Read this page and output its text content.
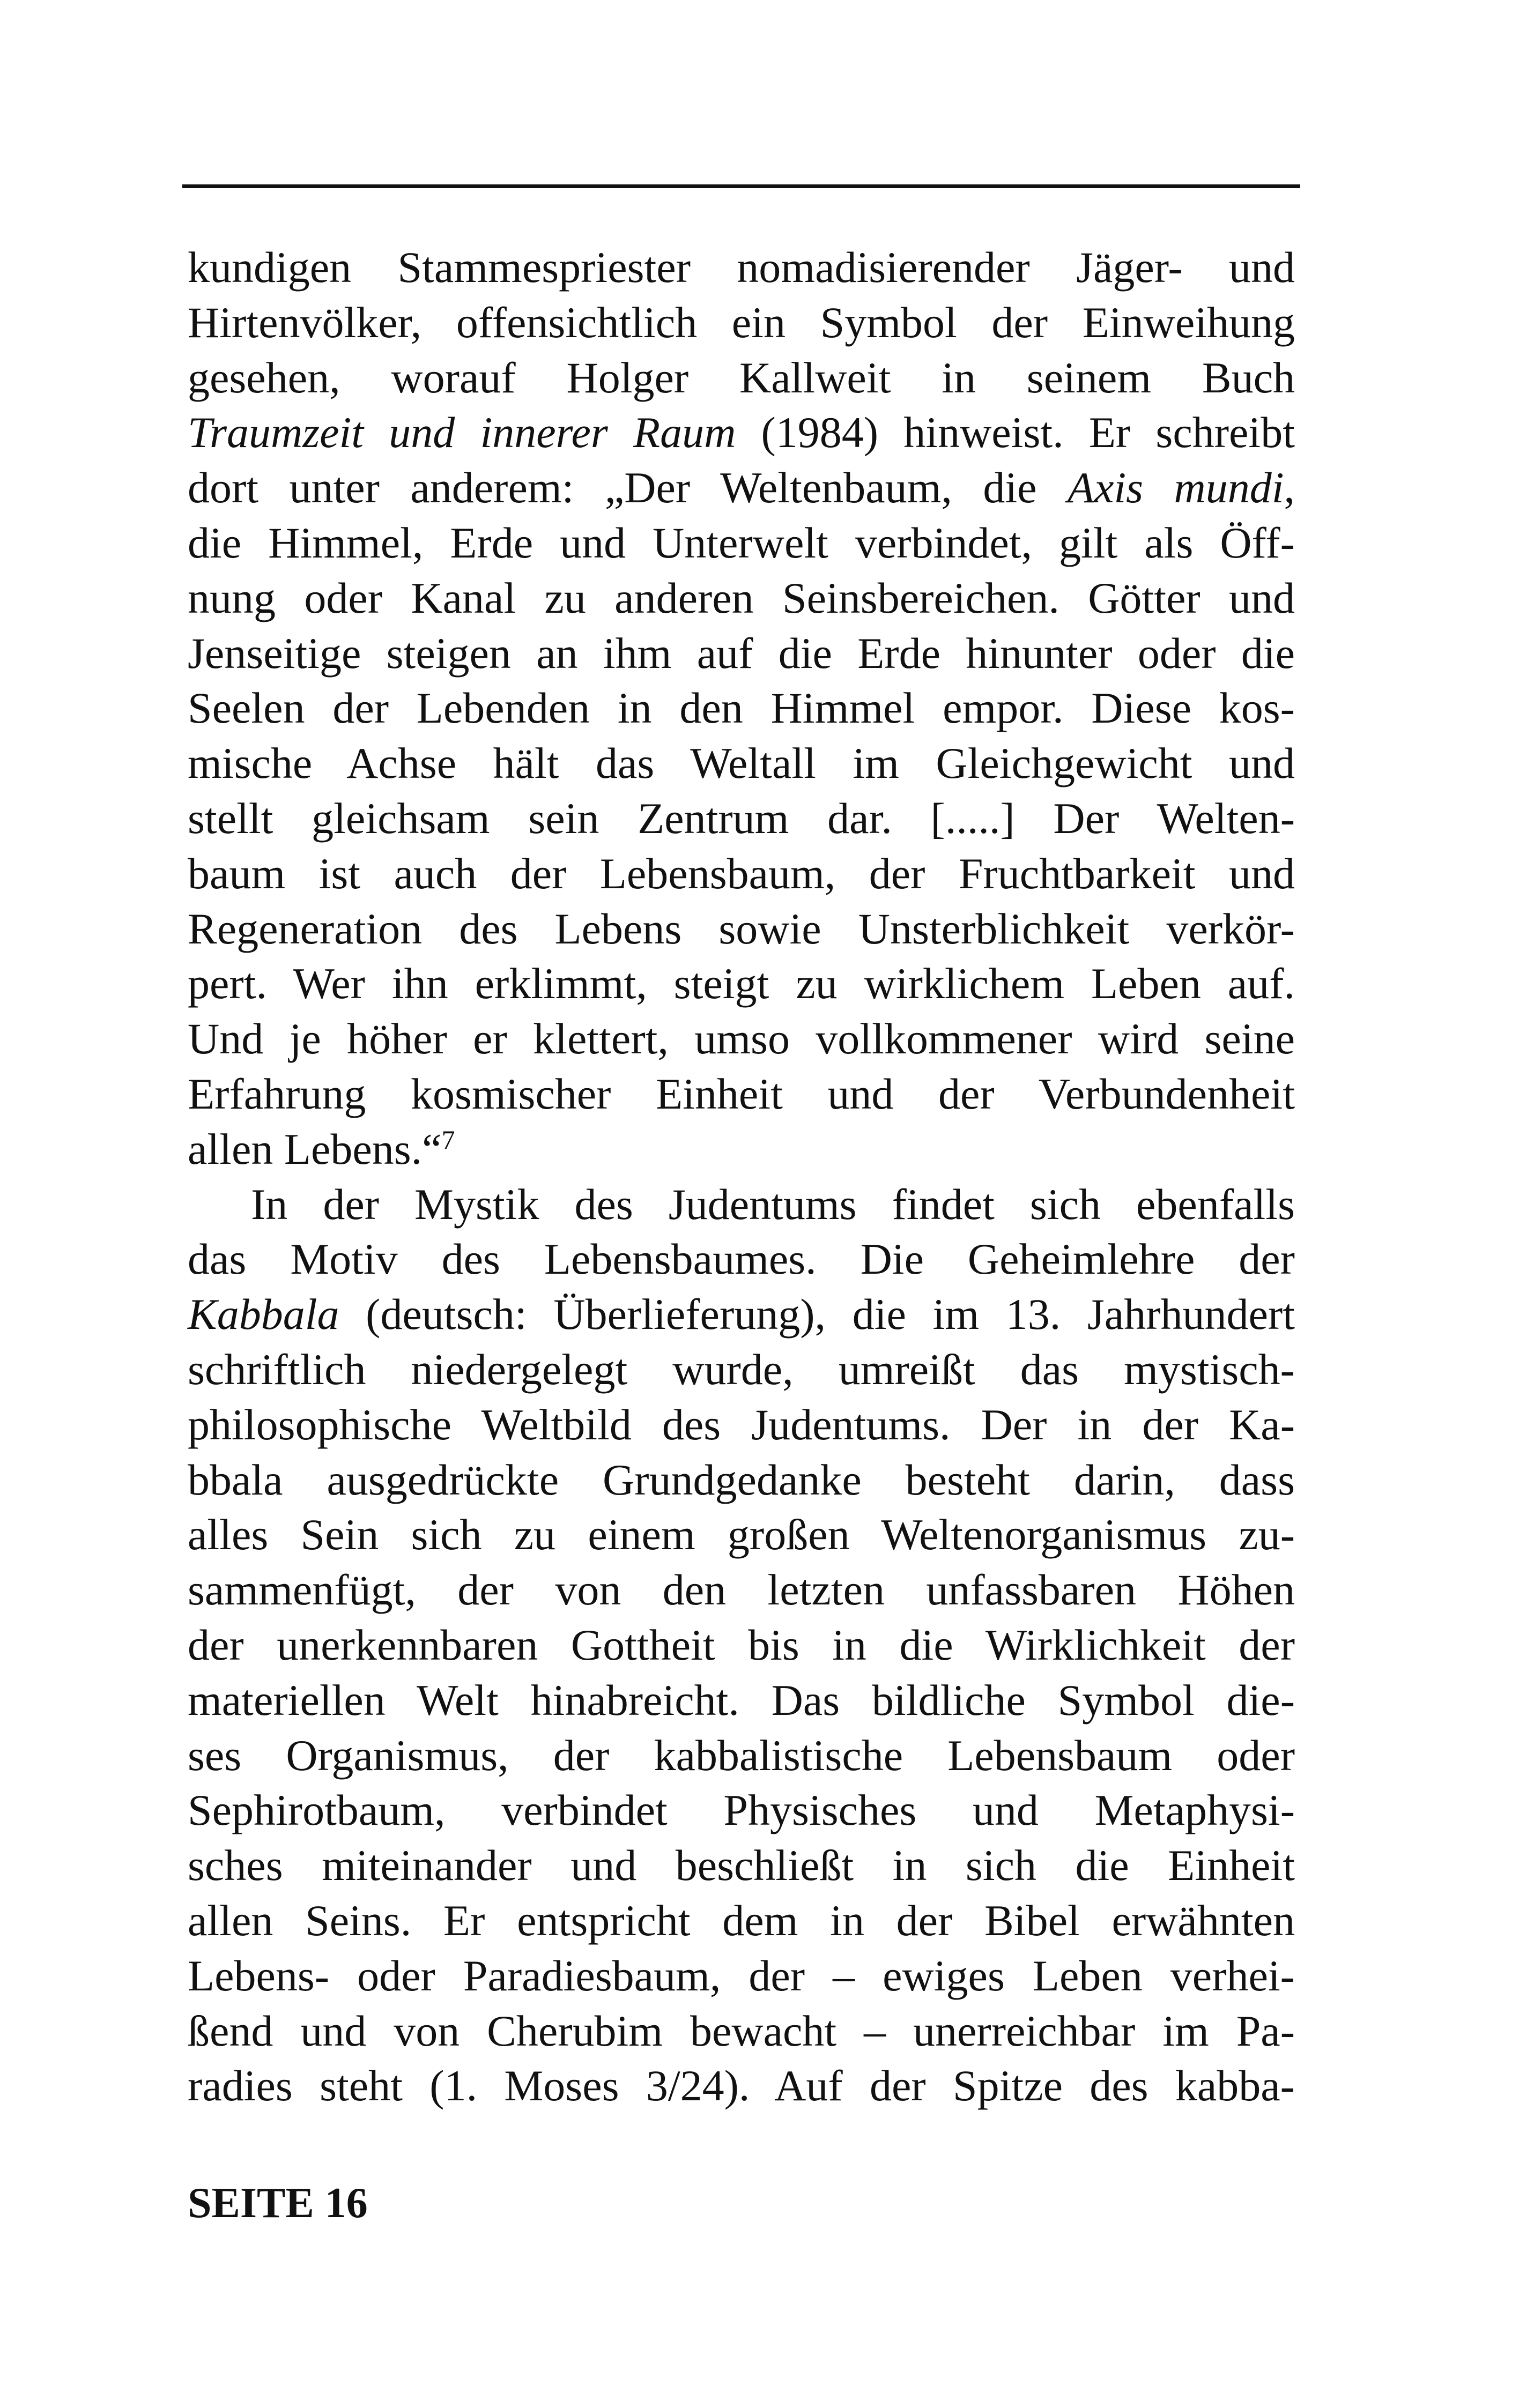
kundigen Stammespriester nomadisierender Jäger- und
Hirtenvölker, offensichtlich ein Symbol der Einweihung
gesehen, worauf Holger Kallweit in seinem Buch
Traumzeit und innerer Raum (1984) hinweist. Er schreibt
dort unter anderem: „Der Weltenbaum, die Axis mundi,
die Himmel, Erde und Unterwelt verbindet, gilt als Öff-
nung oder Kanal zu anderen Seinsbereichen. Götter und
Jenseitige steigen an ihm auf die Erde hinunter oder die
Seelen der Lebenden in den Himmel empor. Diese kos-
mische Achse hält das Weltall im Gleichgewicht und
stellt gleichsam sein Zentrum dar. [.....] Der Welten-
baum ist auch der Lebensbaum, der Fruchtbarkeit und
Regeneration des Lebens sowie Unsterblichkeit verkör-
pert. Wer ihn erklimmt, steigt zu wirklichem Leben auf.
Und je höher er klettert, umso vollkommener wird seine
Erfahrung kosmischer Einheit und der Verbundenheit
allen Lebens.“$^7$
In der Mystik des Judentums findet sich ebenfalls
das Motiv des Lebensbaumes. Die Geheimlehre der
Kabbala (deutsch: Überlieferung), die im 13. Jahrhundert
schriftlich niedergelegt wurde, umreißt das mystisch-
philosophische Weltbild des Judentums. Der in der Ka-
bbala ausgedrückte Grundgedanke besteht darin, dass
alles Sein sich zu einem großen Weltenorganismus zu-
sammenfügt, der von den letzten unfassbaren Höhen
der unerkennbaren Gottheit bis in die Wirklichkeit der
materiellen Welt hinabreicht. Das bildliche Symbol die-
ses Organismus, der kabbalistische Lebensbaum oder
Sephirotbaum, verbindet Physisches und Metaphysi-
sches miteinander und beschließt in sich die Einheit
allen Seins. Er entspricht dem in der Bibel erwähnten
Lebens- oder Paradiesbaum, der – ewiges Leben verhei-
ßend und von Cherubim bewacht – unerreichbar im Pa-
radies steht (1. Moses 3/24). Auf der Spitze des kabba-
SEITE 16
